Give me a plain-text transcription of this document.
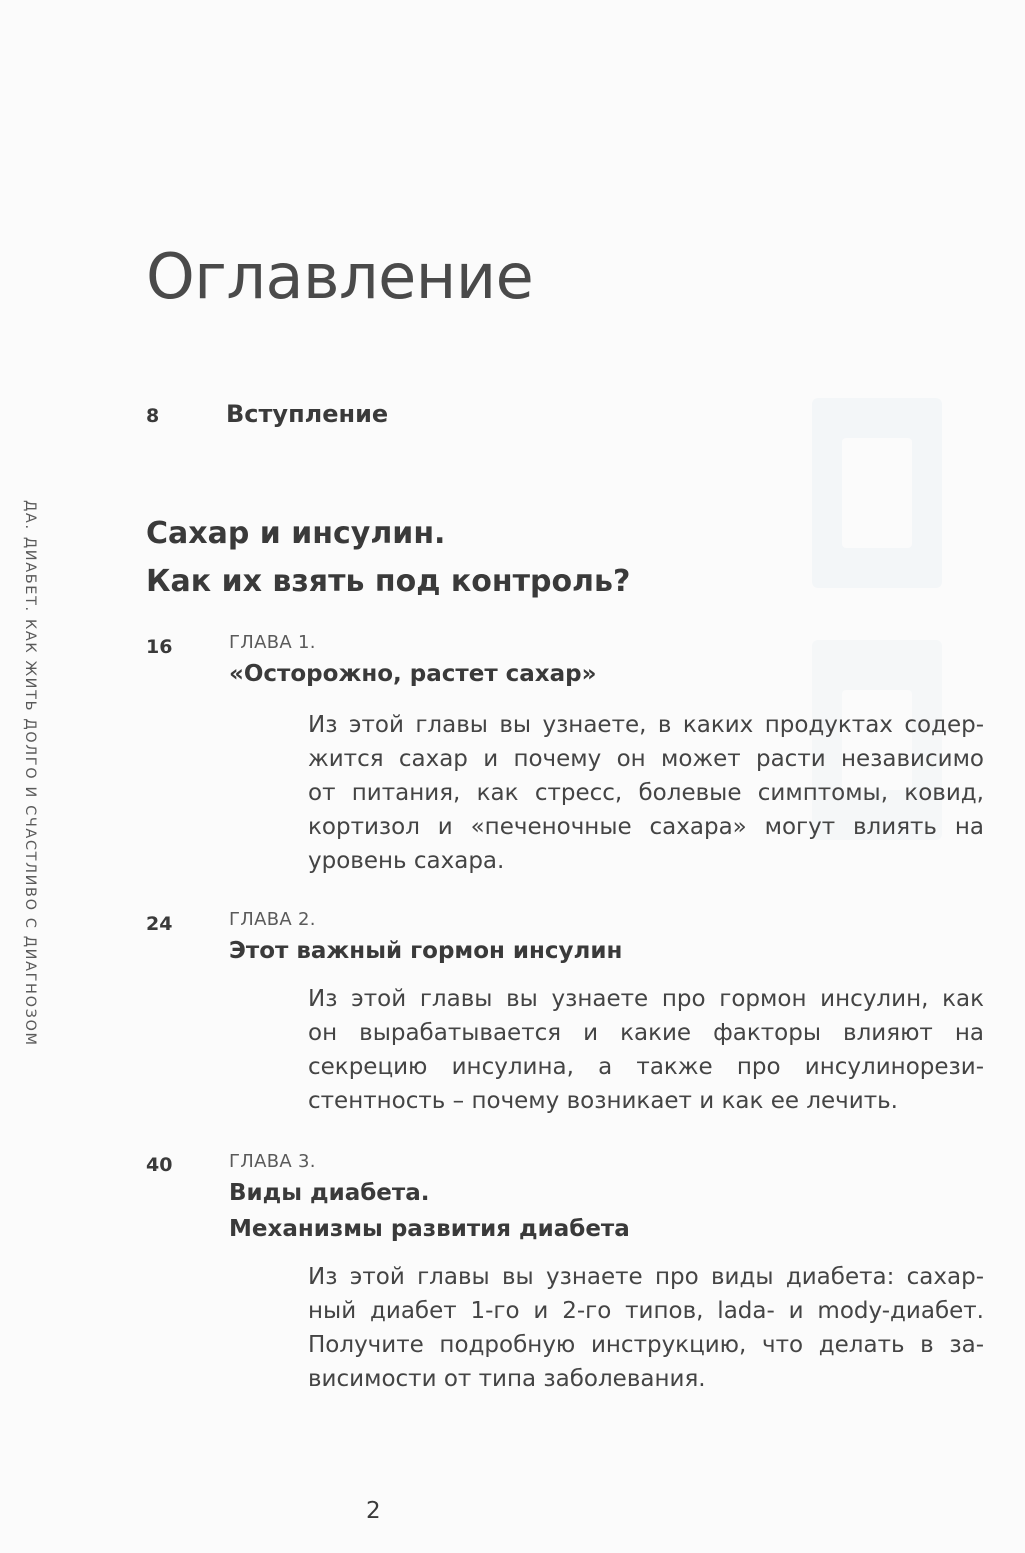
ДА. ДИАБЕТ. КАК ЖИТЬ ДОЛГО И СЧАСТЛИВО С ДИАГНОЗОМ
Оглавление
8	Вступление
Сахар и инсулин.
Как их взять под контроль?
16	ГЛАВА 1.
«Осторожно, растет сахар»
Из этой главы вы узнаете, в каких продуктах содер-
жится сахар и почему он может расти независимо
от питания, как стресс, болевые симптомы, ковид,
кортизол и «печеночные сахара» могут влиять на
уровень сахара.
24	ГЛАВА 2.
Этот важный гормон инсулин
Из этой главы вы узнаете про гормон инсулин, как
он вырабатывается и какие факторы влияют на
секрецию инсулина, а также про инсулинорези-
стентность – почему возникает и как ее лечить.
40	ГЛАВА 3.
Виды диабета.
Механизмы развития диабета
Из этой главы вы узнаете про виды диабета: сахар-
ный диабет 1-го и 2-го типов, lada- и mody-диабет.
Получите подробную инструкцию, что делать в за-
висимости от типа заболевания.
2
